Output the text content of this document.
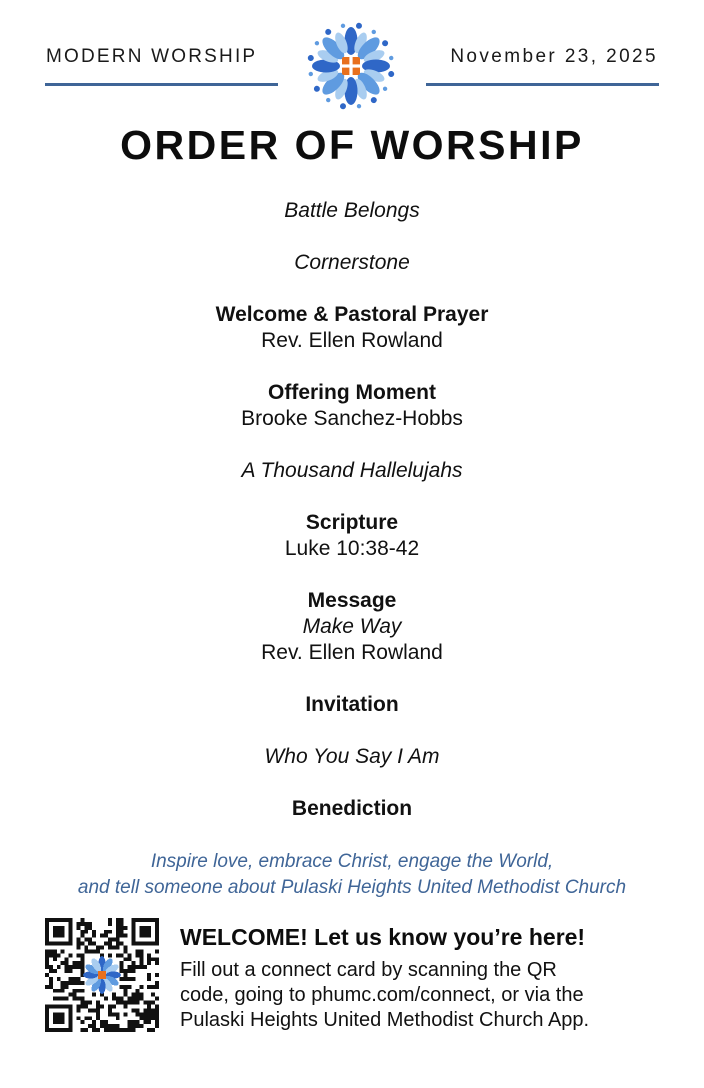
MODERN WORSHIP	November 23, 2025
ORDER OF WORSHIP
Battle Belongs
Cornerstone
Welcome & Pastoral Prayer
Rev. Ellen Rowland
Offering Moment
Brooke Sanchez-Hobbs
A Thousand Hallelujahs
Scripture
Luke 10:38-42
Message
Make Way
Rev. Ellen Rowland
Invitation
Who You Say I Am
Benediction
Inspire love, embrace Christ, engage the World,
and tell someone about Pulaski Heights United Methodist Church
WELCOME! Let us know you’re here!
Fill out a connect card by scanning the QR
code, going to phumc.com/connect, or via the
Pulaski Heights United Methodist Church App.
